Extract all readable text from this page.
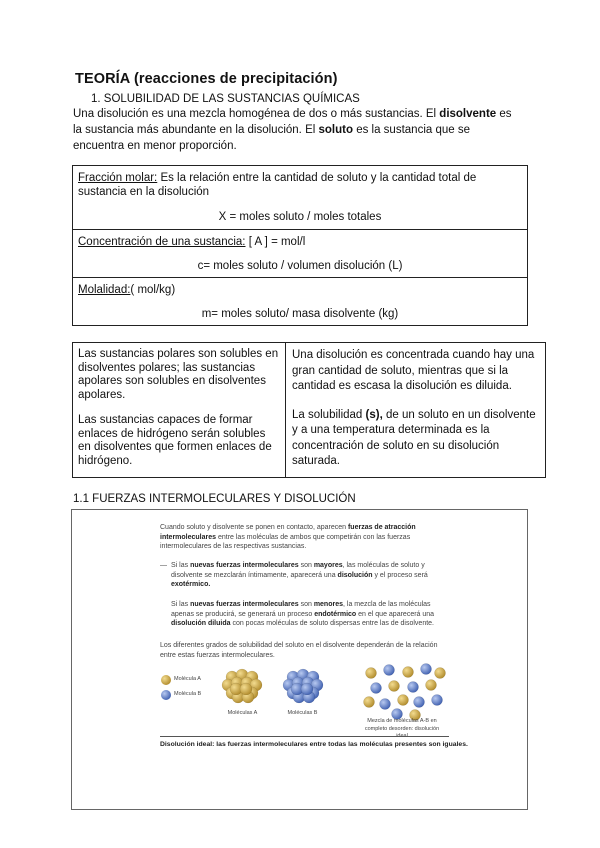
TEORÍA (reacciones de precipitación)
1. SOLUBILIDAD DE LAS SUSTANCIAS QUÍMICAS
Una disolución es una mezcla homogénea de dos o más sustancias. El disolvente es la sustancia más abundante en la disolución. El soluto es la sustancia que se encuentra en menor proporción.
Fracción molar: Es la relación entre la cantidad de soluto y la cantidad total de sustancia en la disolución
X = moles soluto / moles totales
Concentración de una sustancia: [ A ] = mol/l
c= moles soluto / volumen disolución (L)
Molalidad:( mol/kg)
m= moles soluto/ masa disolvente (kg)

Las sustancias polares son solubles en disolventes polares; las sustancias apolares son solubles en disolventes apolares.

Las sustancias capaces de formar enlaces de hidrógeno serán solubles en disolventes que formen enlaces de hidrógeno.

Una disolución es concentrada cuando hay una gran cantidad de soluto, mientras que si la cantidad es escasa la disolución es diluida.

La solubilidad (s), de un soluto en un disolvente y a una temperatura determinada es la concentración de soluto en su disolución saturada.

1.1 FUERZAS INTERMOLECULARES Y DISOLUCIÓN
Cuando soluto y disolvente se ponen en contacto, aparecen fuerzas de atracción intermoleculares entre las moléculas de ambos que competirán con las fuerzas intermoleculares de las respectivas sustancias.
— Si las nuevas fuerzas intermoleculares son mayores, las moléculas de soluto y disolvente se mezclarán íntimamente, aparecerá una disolución y el proceso será exotérmico.
Si las nuevas fuerzas intermoleculares son menores, la mezcla de las moléculas apenas se producirá, se generará un proceso endotérmico en el que aparecerá una disolución diluida con pocas moléculas de soluto dispersas entre las de disolvente.
Los diferentes grados de solubilidad del soluto en el disolvente dependerán de la relación entre estas fuerzas intermoleculares.
Molécula A
Molécula B
Moléculas A	Moléculas B
Mezcla de moléculas A-B en completo desorden: disolución
Disolución ideal: las fuerzas intermoleculares entre todas las moléculas presentes son iguales.
